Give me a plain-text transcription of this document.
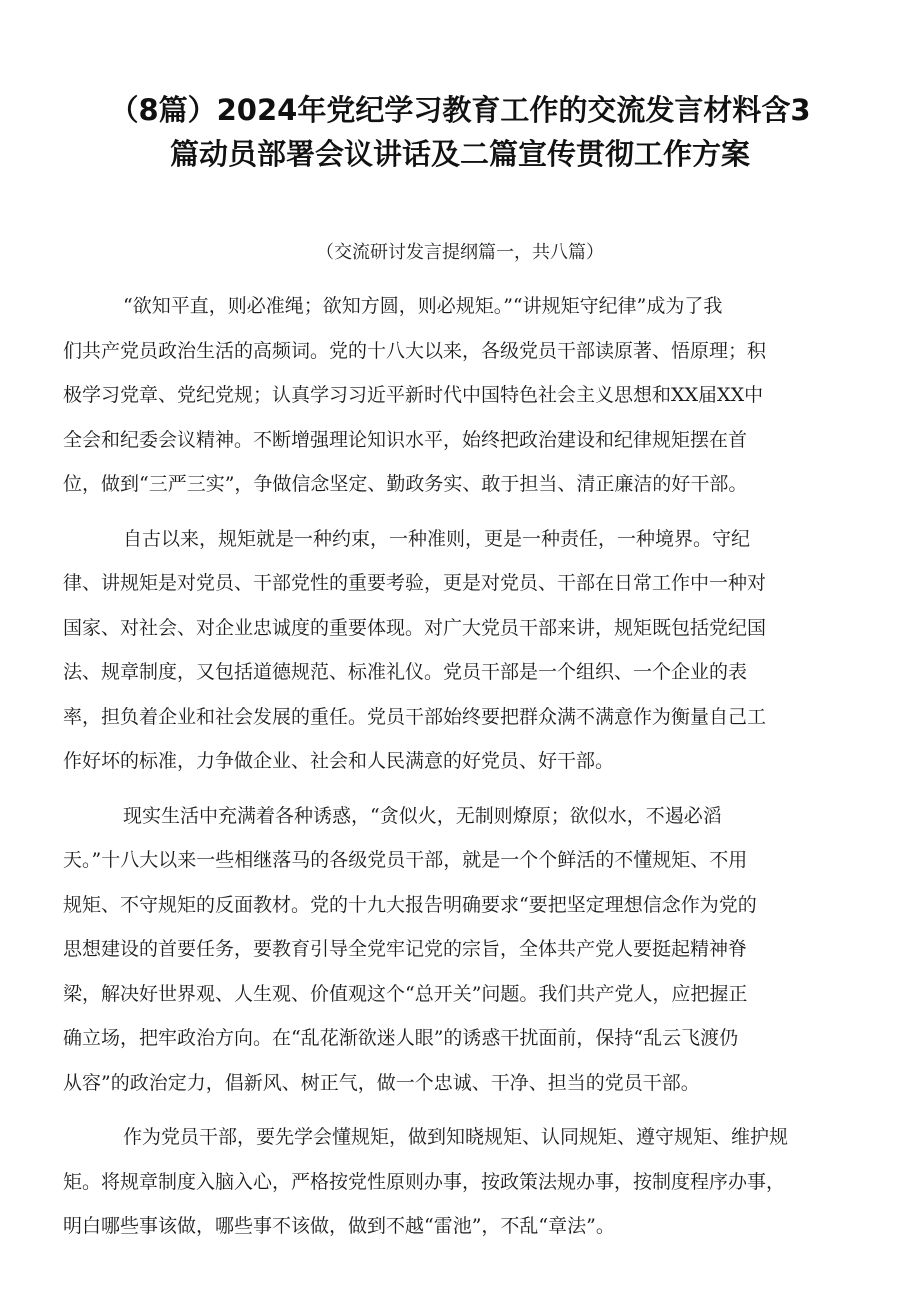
（8篇）2024年党纪学习教育工作的交流发言材料含3
篇动员部署会议讲话及二篇宣传贯彻工作方案
（交流研讨发言提纲篇一，共八篇）
“欲知平直，则必准绳；欲知方圆，则必规矩。”“讲规矩守纪律”成为了我
们共产党员政治生活的高频词。党的十八大以来，各级党员干部读原著、悟原理；积
极学习党章、党纪党规；认真学习习近平新时代中国特色社会主义思想和XX届XX中
全会和纪委会议精神。不断增强理论知识水平，始终把政治建设和纪律规矩摆在首
位，做到“三严三实”，争做信念坚定、勤政务实、敢于担当、清正廉洁的好干部。
自古以来，规矩就是一种约束，一种准则，更是一种责任，一种境界。守纪
律、讲规矩是对党员、干部党性的重要考验，更是对党员、干部在日常工作中一种对
国家、对社会、对企业忠诚度的重要体现。对广大党员干部来讲，规矩既包括党纪国
法、规章制度，又包括道德规范、标准礼仪。党员干部是一个组织、一个企业的表
率，担负着企业和社会发展的重任。党员干部始终要把群众满不满意作为衡量自己工
作好坏的标准，力争做企业、社会和人民满意的好党员、好干部。
现实生活中充满着各种诱惑，“贪似火，无制则燎原；欲似水，不遏必滔
天。”十八大以来一些相继落马的各级党员干部，就是一个个鲜活的不懂规矩、不用
规矩、不守规矩的反面教材。党的十九大报告明确要求“要把坚定理想信念作为党的
思想建设的首要任务，要教育引导全党牢记党的宗旨，全体共产党人要挺起精神脊
梁，解决好世界观、人生观、价值观这个“总开关”问题。我们共产党人，应把握正
确立场，把牢政治方向。在“乱花渐欲迷人眼”的诱惑干扰面前，保持“乱云飞渡仍
从容”的政治定力，倡新风、树正气，做一个忠诚、干净、担当的党员干部。
作为党员干部，要先学会懂规矩，做到知晓规矩、认同规矩、遵守规矩、维护规
矩。将规章制度入脑入心，严格按党性原则办事，按政策法规办事，按制度程序办事，
明白哪些事该做，哪些事不该做，做到不越“雷池”，不乱“章法”。
